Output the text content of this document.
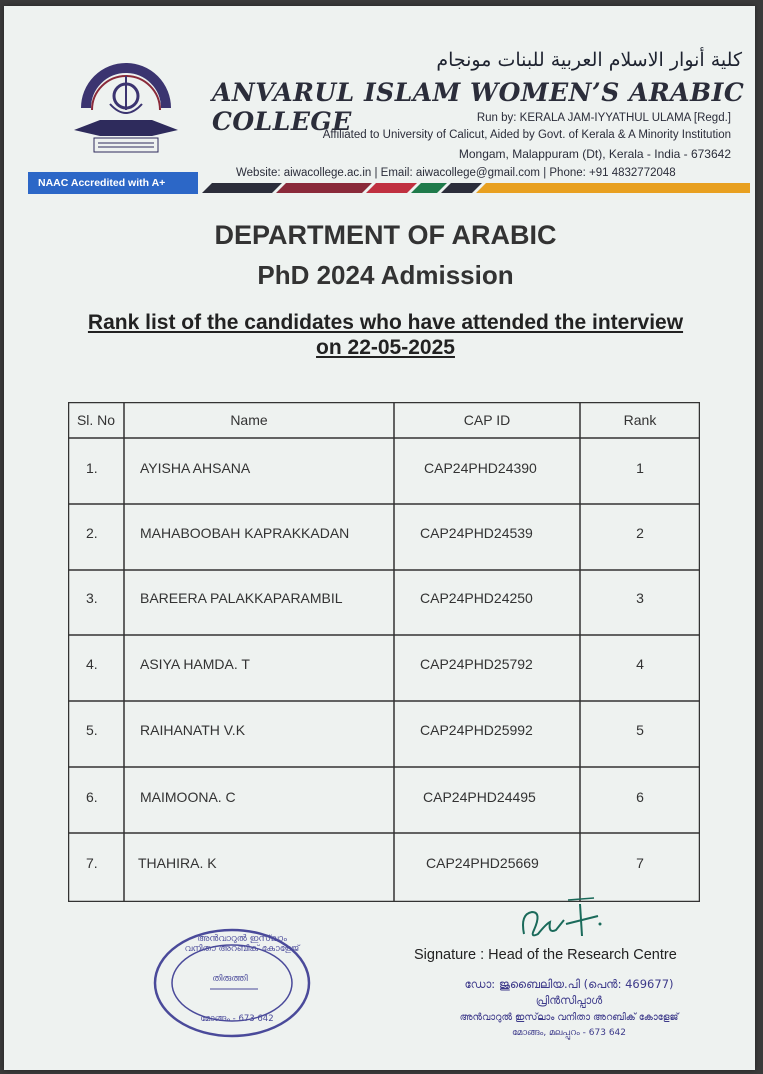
كلية أنوار الاسلام العربية للبنات مونجام
ANVARUL ISLAM WOMEN’S ARABIC COLLEGE	Run by: KERALA JAM-IYYATHUL ULAMA [Regd.]
Affiliated to University of Calicut, Aided by Govt. of Kerala & A Minority Institution
Mongam, Malappuram (Dt), Kerala - India - 673642
Website: aiwacollege.ac.in | Email: aiwacollege@gmail.com | Phone: +91 4832772048
NAAC Accredited with A+
DEPARTMENT OF ARABIC
PhD 2024 Admission
Rank list of the candidates who have attended the interview
on 22-05-2025
Sl. No	Name	CAP ID	Rank
1.	AYISHA AHSANA	CAP24PHD24390	1
2.	MAHABOOBAH KAPRAKKADAN	CAP24PHD24539	2
3.	BAREERA PALAKKAPARAMBIL	CAP24PHD24250	3
4.	ASIYA HAMDA. T	CAP24PHD25792	4
5.	RAIHANATH V.K	CAP24PHD25992	5
6.	MAIMOONA. C	CAP24PHD24495	6
7.	THAHIRA. K	CAP24PHD25669	7
Signature : Head of the Research Centre
ഡോ: ജുബൈലിയ.പി (പെൻ: 469677)
പ്രിൻസിപ്പാൾ
അൻവാറുൽ ഇസ്‌ലാം വനിതാ അറബിക് കോളേജ്
മോങ്ങം, മലപ്പുറം - 673 642
അൻവാറുൽ ഇസ്‌ലാം വനിതാ അറബിക് കോളേജ്
തിരുത്തി
മോങ്ങം - 673 642
